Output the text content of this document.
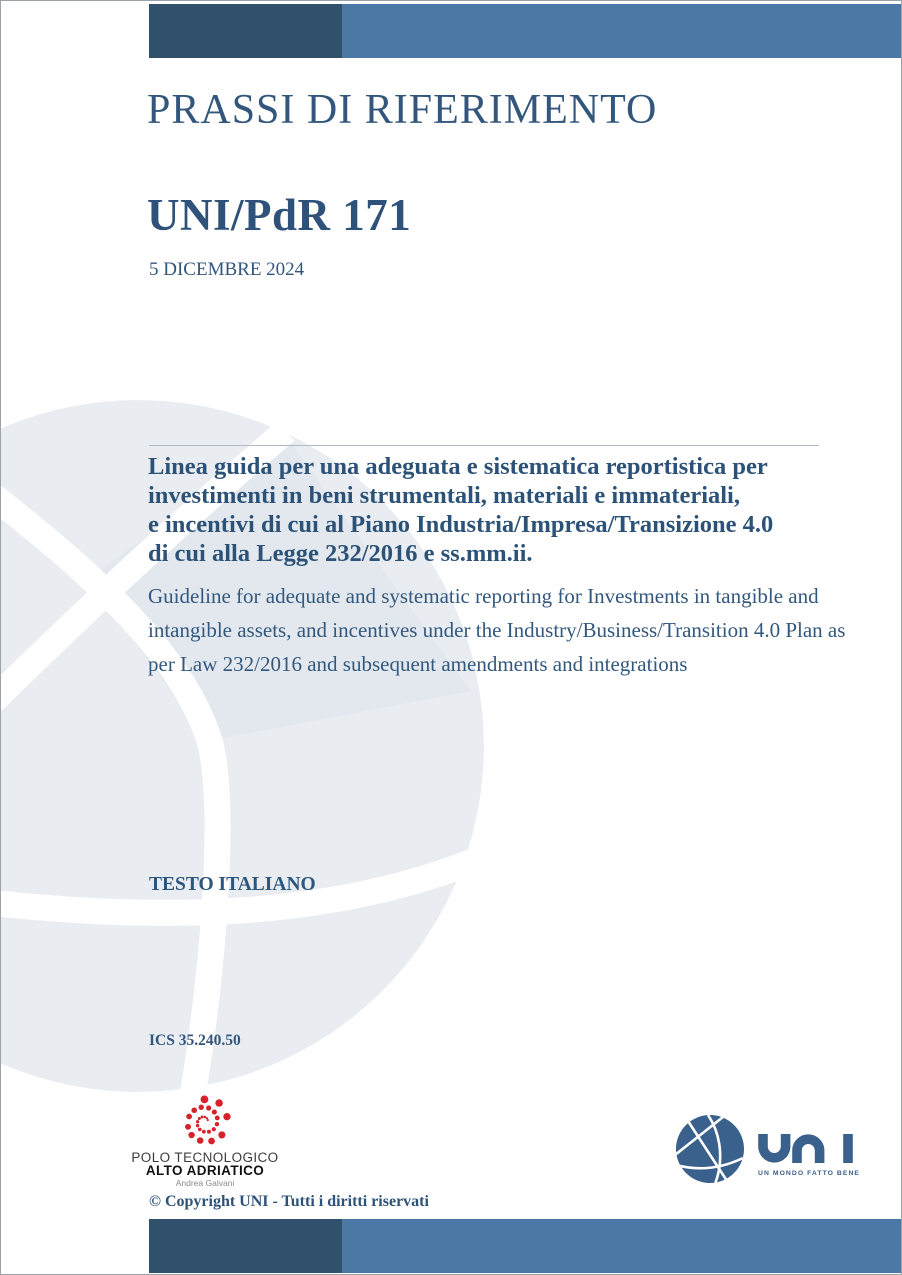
PRASSI DI RIFERIMENTO
UNI/PdR 171
5 DICEMBRE 2024
Linea guida per una adeguata e sistematica reportistica per
investimenti in beni strumentali, materiali e immateriali,
e incentivi di cui al Piano Industria/Impresa/Transizione 4.0
di cui alla Legge 232/2016 e ss.mm.ii.
Guideline for adequate and systematic reporting for Investments in tangible and
intangible assets, and incentives under the Industry/Business/Transition 4.0 Plan as
per Law 232/2016 and subsequent amendments and integrations
TESTO ITALIANO
ICS 35.240.50
POLO TECNOLOGICO
ALTO ADRIATICO
Andrea Galvani
UN MONDO FATTO BENE
© Copyright UNI - Tutti i diritti riservati
